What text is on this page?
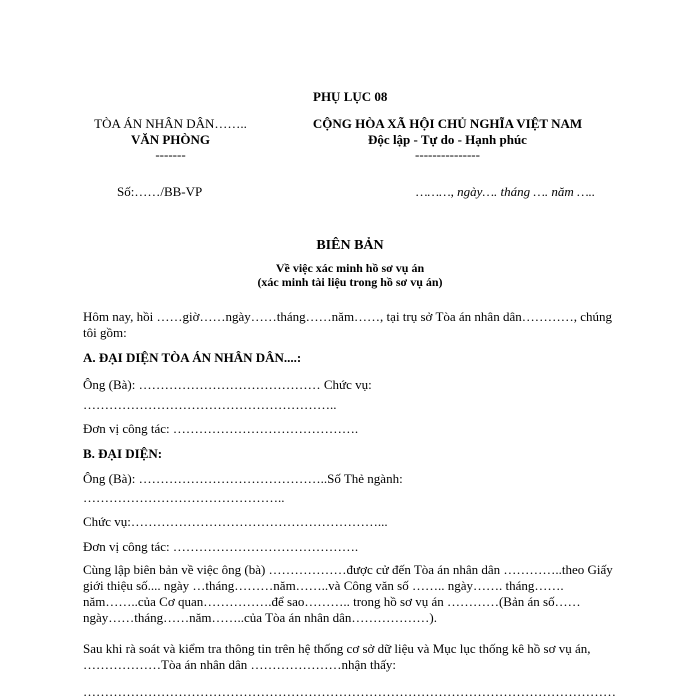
PHỤ LỤC 08
TÒA ÁN NHÂN DÂN……..
VĂN PHÒNG
-------
CỘNG HÒA XÃ HỘI CHỦ NGHĨA VIỆT NAM
Độc lập - Tự do - Hạnh phúc
---------------
Số:……/BB-VP	………, ngày…. tháng …. năm …..
BIÊN BẢN
Về việc xác minh hồ sơ vụ án
(xác minh tài liệu trong hồ sơ vụ án)
Hôm nay, hồi ……giờ……ngày……tháng……năm……, tại trụ sở Tòa án nhân dân…………, chúng tôi gồm:
A. ĐẠI DIỆN TÒA ÁN NHÂN DÂN....:
Ông (Bà): …………………………………… Chức vụ:
…………………………………………………..
Đơn vị công tác: …………………………………….
B. ĐẠI DIỆN:
Ông (Bà): ……………………………………..Số Thẻ ngành:
………………………………………..
Chức vụ:…………………………………………………...
Đơn vị công tác: …………………………………….
Cùng lập biên bản về việc ông (bà) ………………được cử đến Tòa án nhân dân …………..theo Giấy giới thiệu số.... ngày …tháng………năm……..và Công văn số …….. ngày……. tháng……. năm……..của Cơ quan…………….để sao……….. trong hồ sơ vụ án …………(Bản án số……ngày……tháng……năm……..của Tòa án nhân dân………………).
Sau khi rà soát và kiểm tra thông tin trên hệ thống cơ sở dữ liệu và Mục lục thống kê hồ sơ vụ án, ………………Tòa án nhân dân …………………nhận thấy:
……………………………………………………………………………………………………………
